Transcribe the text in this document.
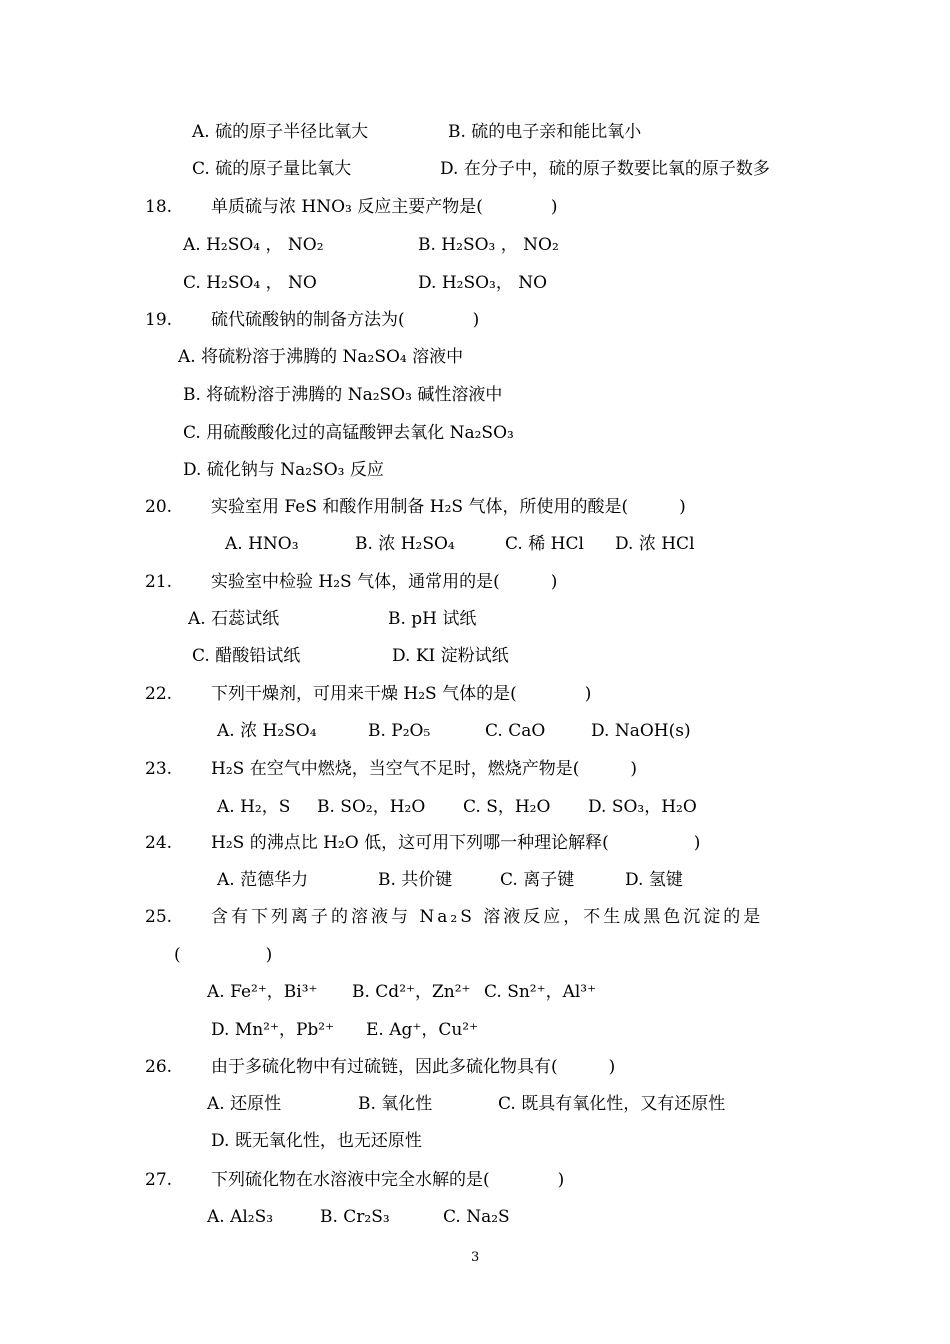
A. 硫的原子半径比氧大	B. 硫的电子亲和能比氧小
C. 硫的原子量比氧大	D. 在分子中，硫的原子数要比氧的原子数多
18. 单质硫与浓 HNO₃ 反应主要产物是(　　　　)
A. H₂SO₄ ， NO₂	B. H₂SO₃ ， NO₂
C. H₂SO₄ ， NO	D. H₂SO₃， NO
19. 硫代硫酸钠的制备方法为(　　　　)
A. 将硫粉溶于沸腾的 Na₂SO₄ 溶液中
B. 将硫粉溶于沸腾的 Na₂SO₃ 碱性溶液中
C. 用硫酸酸化过的高锰酸钾去氧化 Na₂SO₃
D. 硫化钠与 Na₂SO₃ 反应
20. 实验室用 FeS 和酸作用制备 H₂S 气体，所使用的酸是(　　　)
A. HNO₃	B. 浓 H₂SO₄	C. 稀 HCl D. 浓 HCl
21. 实验室中检验 H₂S 气体，通常用的是(　　　)
A. 石蕊试纸	B. pH 试纸
C. 醋酸铅试纸	D. KI 淀粉试纸
22. 下列干燥剂，可用来干燥 H₂S 气体的是(　　　　)
A. 浓 H₂SO₄	B. P₂O₅	C. CaO	D. NaOH(s)
23. H₂S 在空气中燃烧，当空气不足时，燃烧产物是(　　　)
A. H₂，S B. SO₂，H₂O C. S，H₂O D. SO₃，H₂O
24. H₂S 的沸点比 H₂O 低，这可用下列哪一种理论解释(　　　　　)
A. 范德华力	B. 共价键	C. 离子键	D. 氢键
25. 含有下列离子的溶液与 Na₂S 溶液反应，不生成黑色沉淀的是
(　　　　　)
A. Fe²⁺，Bi³⁺ B. Cd²⁺，Zn²⁺ C. Sn²⁺，Al³⁺
D. Mn²⁺，Pb²⁺ E. Ag⁺，Cu²⁺
26. 由于多硫化物中有过硫链，因此多硫化物具有(　　　)
A. 还原性	B. 氧化性	C. 既具有氧化性，又有还原性
D. 既无氧化性，也无还原性
27. 下列硫化物在水溶液中完全水解的是(　　　　)
A. Al₂S₃	B. Cr₂S₃	C. Na₂S
3
